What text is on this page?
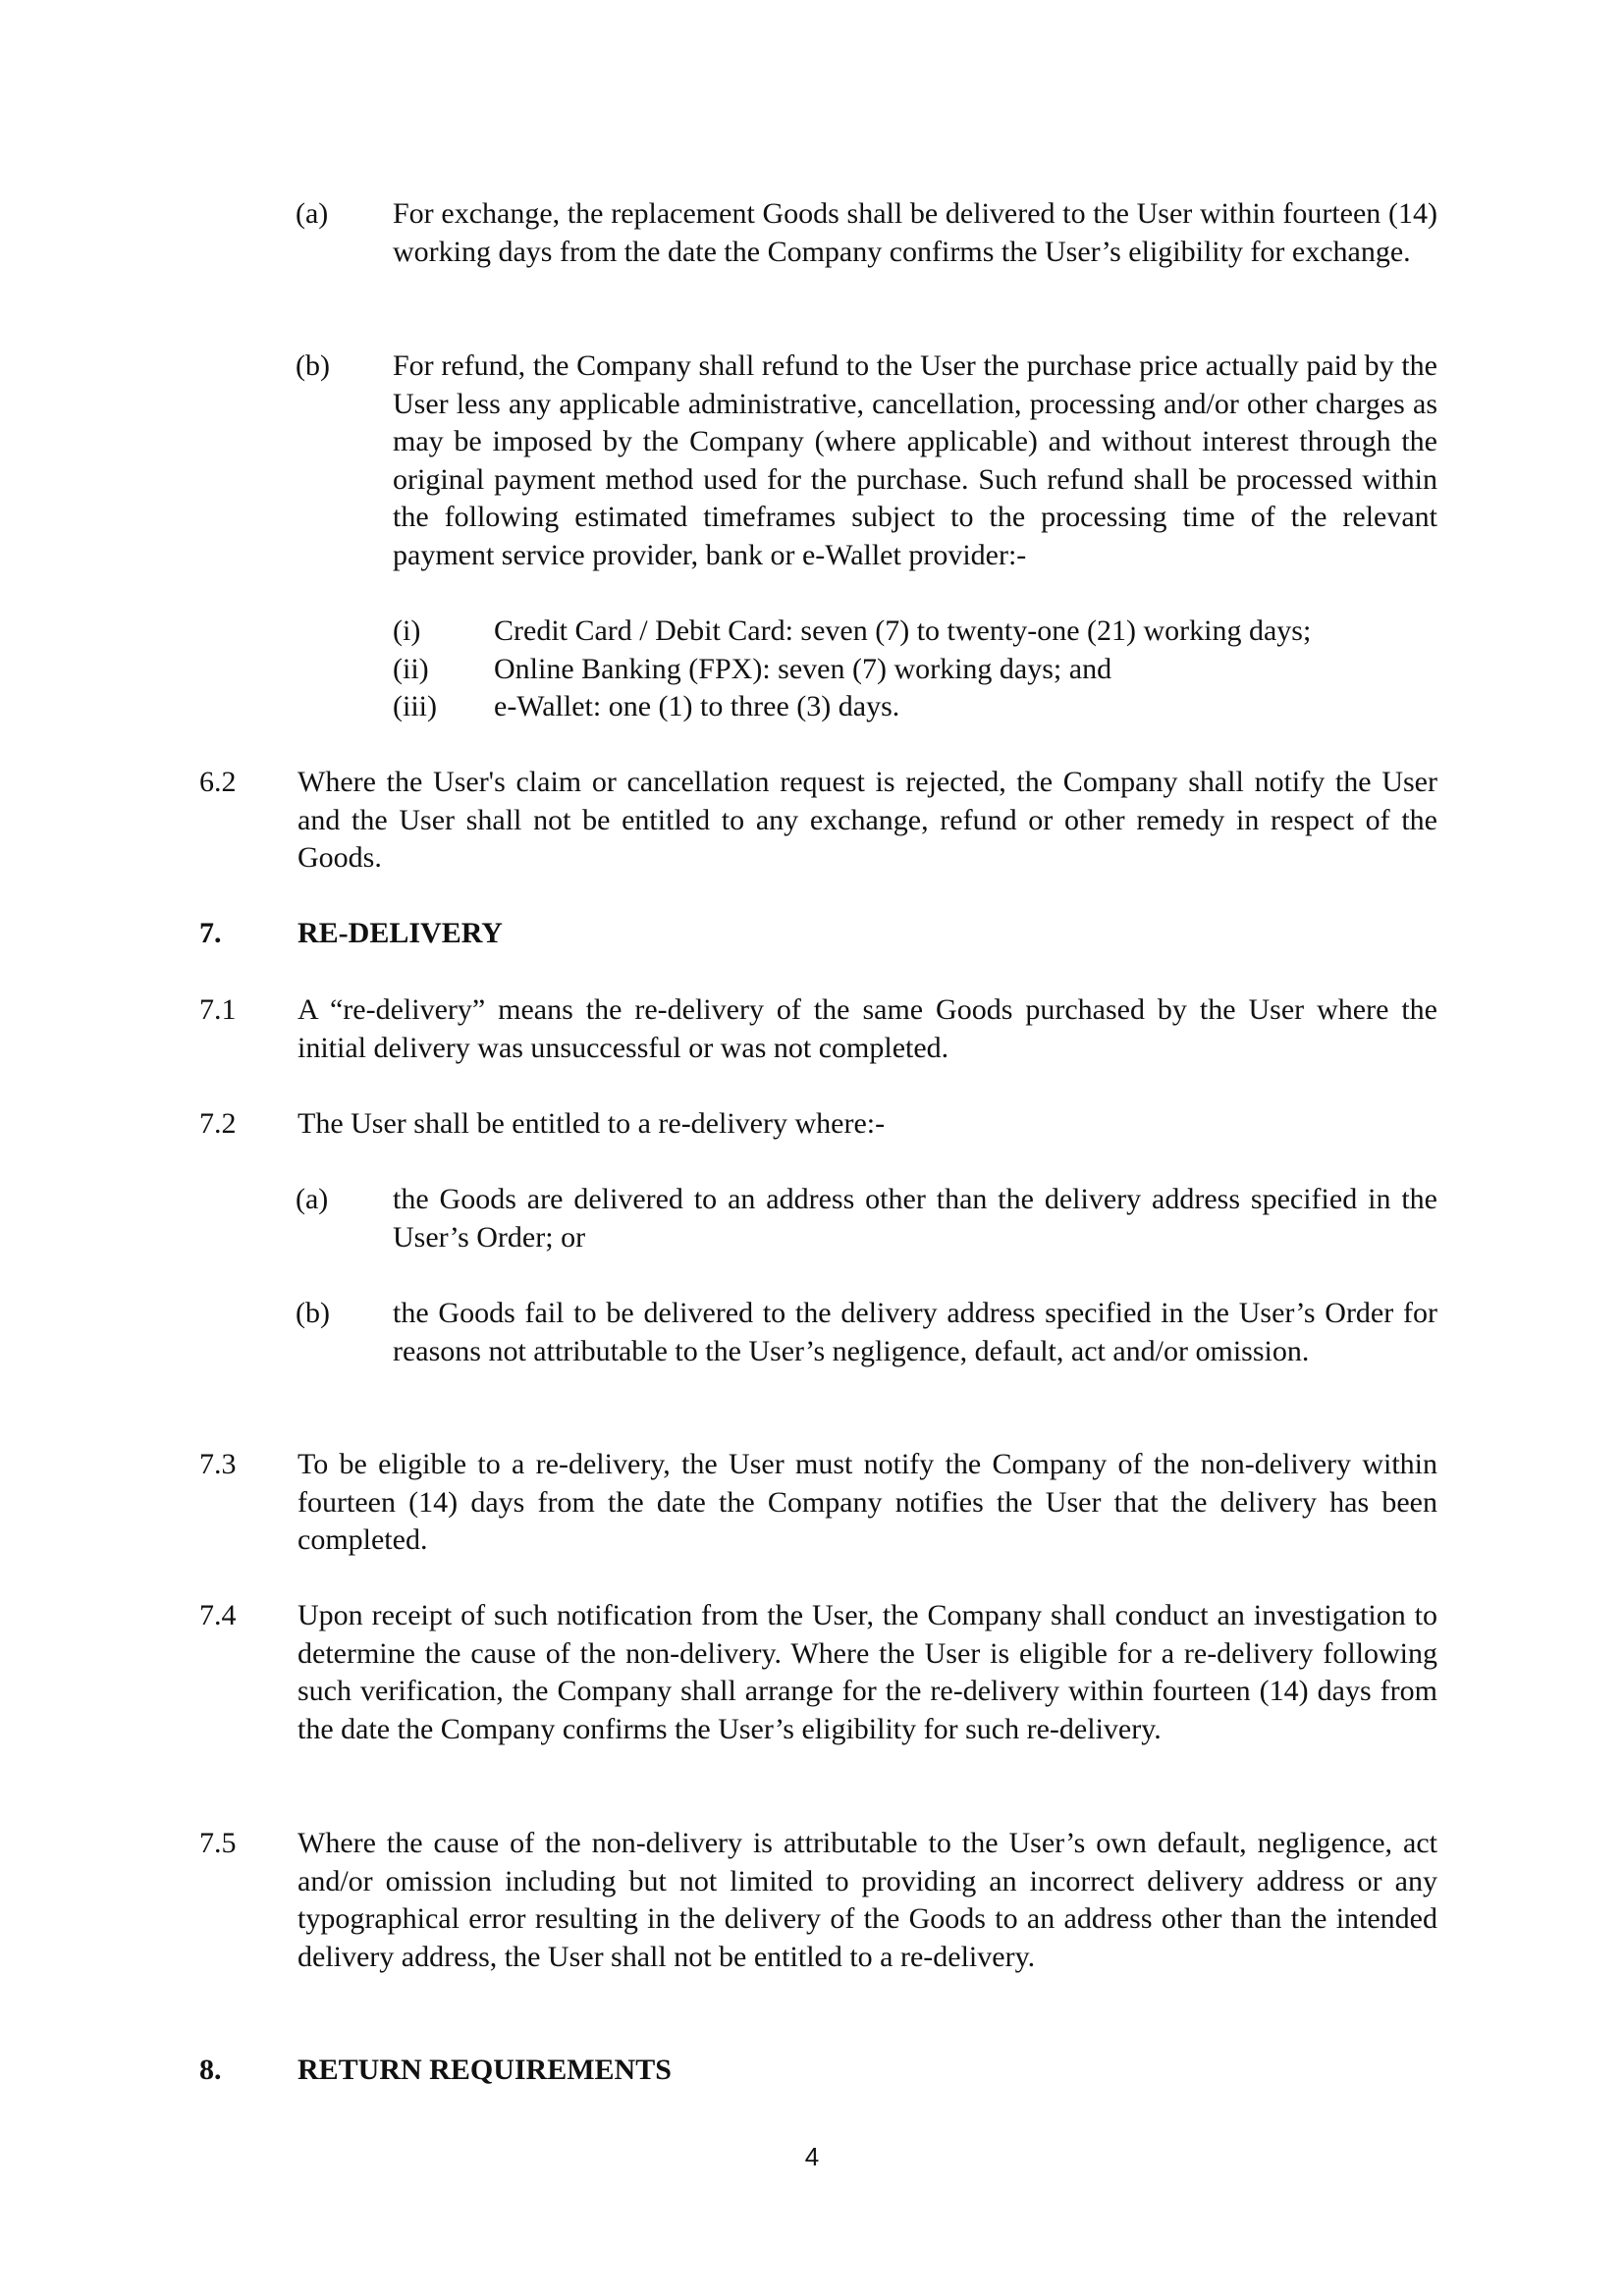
(a) For exchange, the replacement Goods shall be delivered to the User within fourteen (14) working days from the date the Company confirms the User’s eligibility for exchange.

(b) For refund, the Company shall refund to the User the purchase price actually paid by the User less any applicable administrative, cancellation, processing and/or other charges as may be imposed by the Company (where applicable) and without interest through the original payment method used for the purchase. Such refund shall be processed within the following estimated timeframes subject to the processing time of the relevant payment service provider, bank or e-Wallet provider:-

(i) Credit Card / Debit Card: seven (7) to twenty-one (21) working days;

(ii) Online Banking (FPX): seven (7) working days; and

(iii) e-Wallet: one (1) to three (3) days.

6.2 Where the User's claim or cancellation request is rejected, the Company shall notify the User and the User shall not be entitled to any exchange, refund or other remedy in respect of the Goods.

7.	RE-DELIVERY

7.1 A “re-delivery” means the re-delivery of the same Goods purchased by the User where the initial delivery was unsuccessful or was not completed.

7.2 The User shall be entitled to a re-delivery where:-

(a) the Goods are delivered to an address other than the delivery address specified in the User’s Order; or

(b) the Goods fail to be delivered to the delivery address specified in the User’s Order for reasons not attributable to the User’s negligence, default, act and/or omission.

7.3 To be eligible to a re-delivery, the User must notify the Company of the non-delivery within fourteen (14) days from the date the Company notifies the User that the delivery has been completed.

7.4 Upon receipt of such notification from the User, the Company shall conduct an investigation to determine the cause of the non-delivery. Where the User is eligible for a re-delivery following such verification, the Company shall arrange for the re-delivery within fourteen (14) days from the date the Company confirms the User’s eligibility for such re-delivery.

7.5 Where the cause of the non-delivery is attributable to the User’s own default, negligence, act and/or omission including but not limited to providing an incorrect delivery address or any typographical error resulting in the delivery of the Goods to an address other than the intended delivery address, the User shall not be entitled to a re-delivery.

8.	RETURN REQUIREMENTS

4
